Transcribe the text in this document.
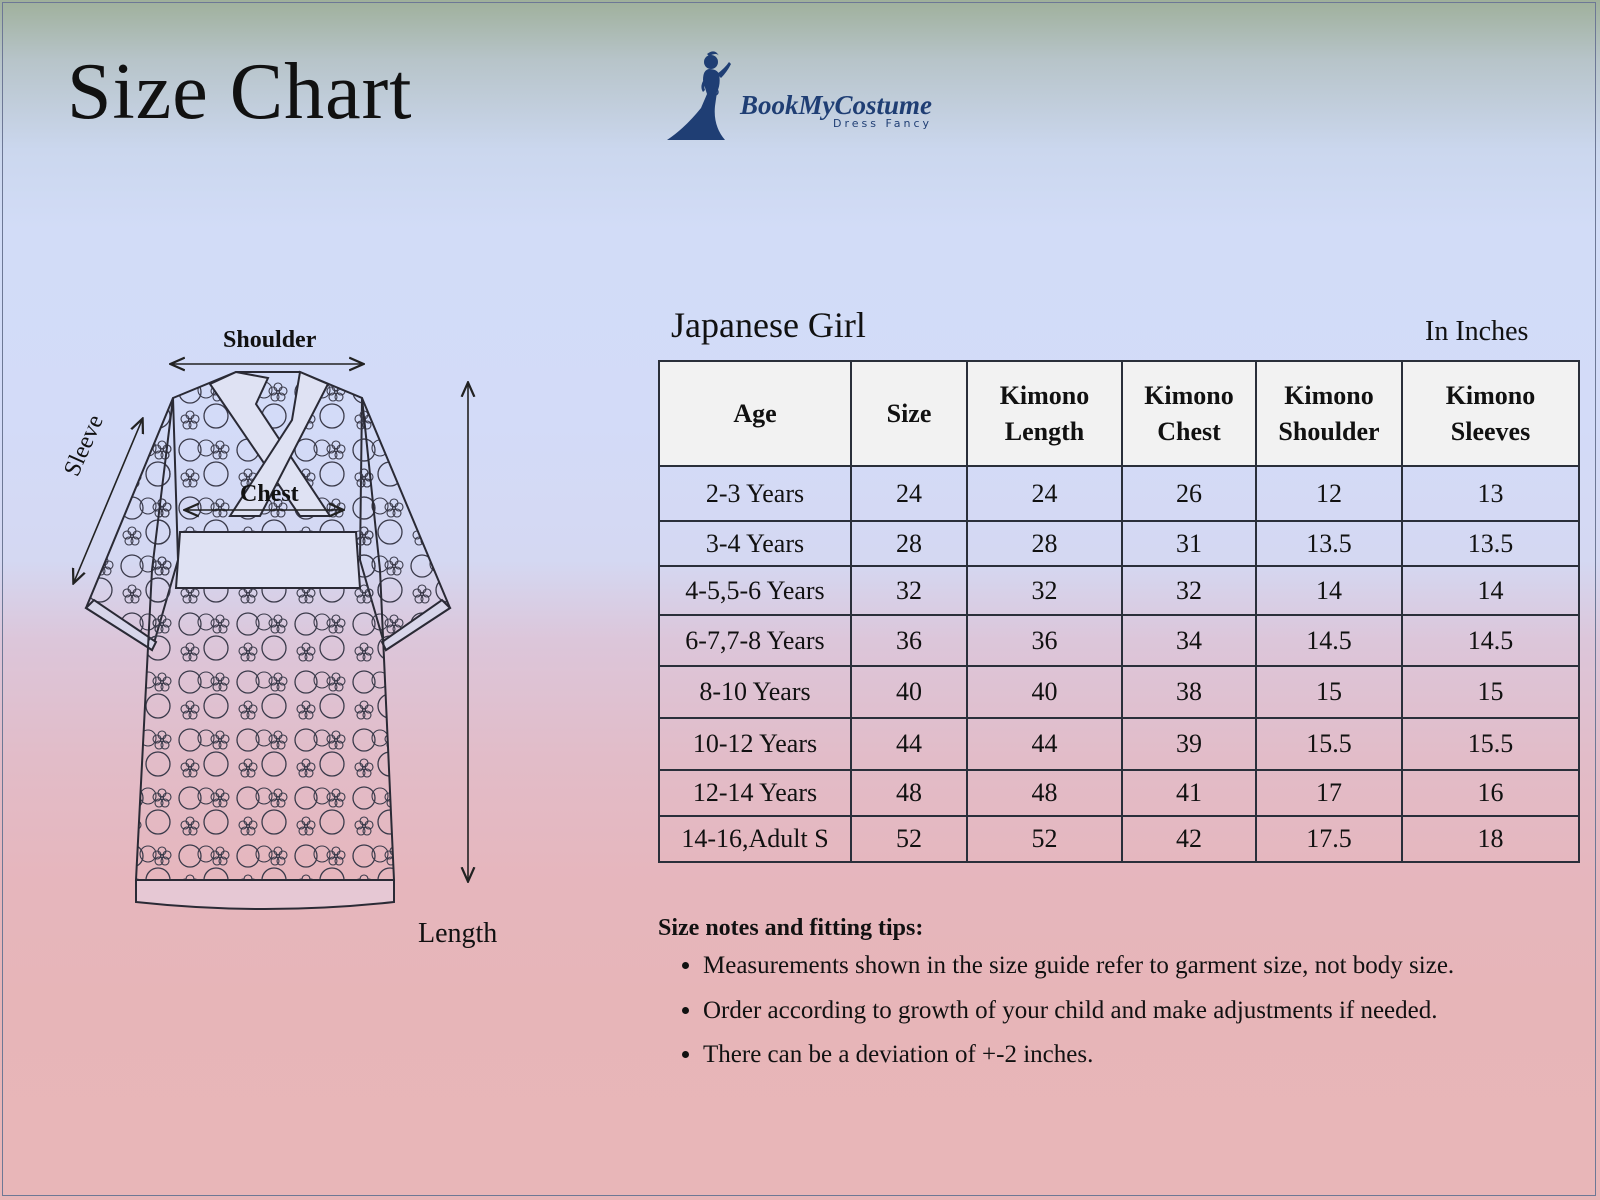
Size Chart	BookMyCostume
Dress Fancy
Shoulder
Sleeve
Chest
Length
Japanese Girl	In Inches
Age	Size	Kimono Length	Kimono Chest	Kimono Shoulder	Kimono Sleeves
2-3 Years	24	24	26	12	13
3-4 Years	28	28	31	13.5	13.5
4-5,5-6 Years	32	32	32	14	14
6-7,7-8 Years	36	36	34	14.5	14.5
8-10 Years	40	40	38	15	15
10-12 Years	44	44	39	15.5	15.5
12-14 Years	48	48	41	17	16
14-16,Adult S	52	52	42	17.5	18
Size notes and fitting tips:
• Measurements shown in the size guide refer to garment size, not body size.
• Order according to growth of your child and make adjustments if needed.
• There can be a deviation of +-2 inches.
